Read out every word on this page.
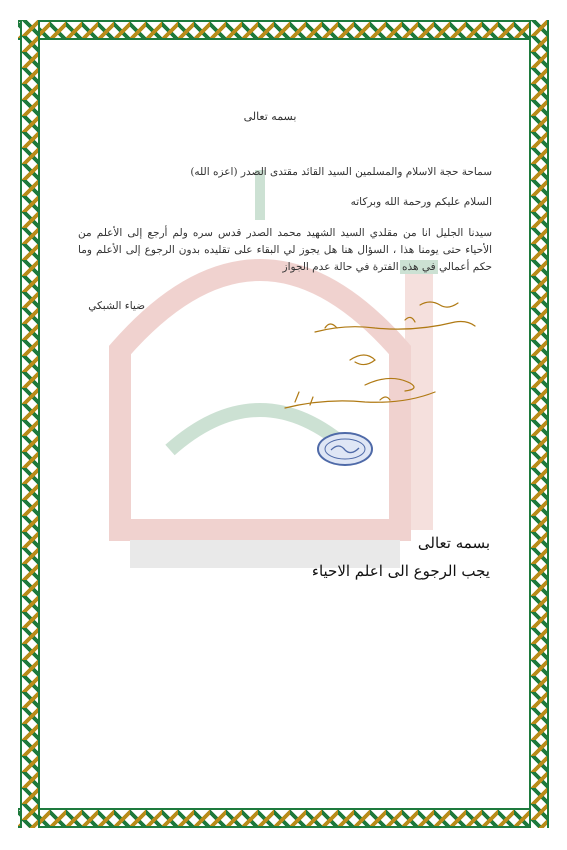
بسمه تعالى
سماحة حجة الاسلام والمسلمين السيد القائد مقتدى الصدر (اعزه الله)
السلام عليكم ورحمة الله وبركاته
سيدنا الجليل انا من مقلدي السيد الشهيد محمد الصدر قدس سره ولم أرجع إلى الأعلم من الأحياء حتى يومنا هذا ، السؤال هنا هل يجوز لي البقاء على تقليده بدون الرجوع إلى الأعلم وما حكم أعمالي في هذه الفترة في حالة عدم الجواز
ضياء الشبكي
بسمه تعالى
يجب الرجوع الى اعلم الاحياء
